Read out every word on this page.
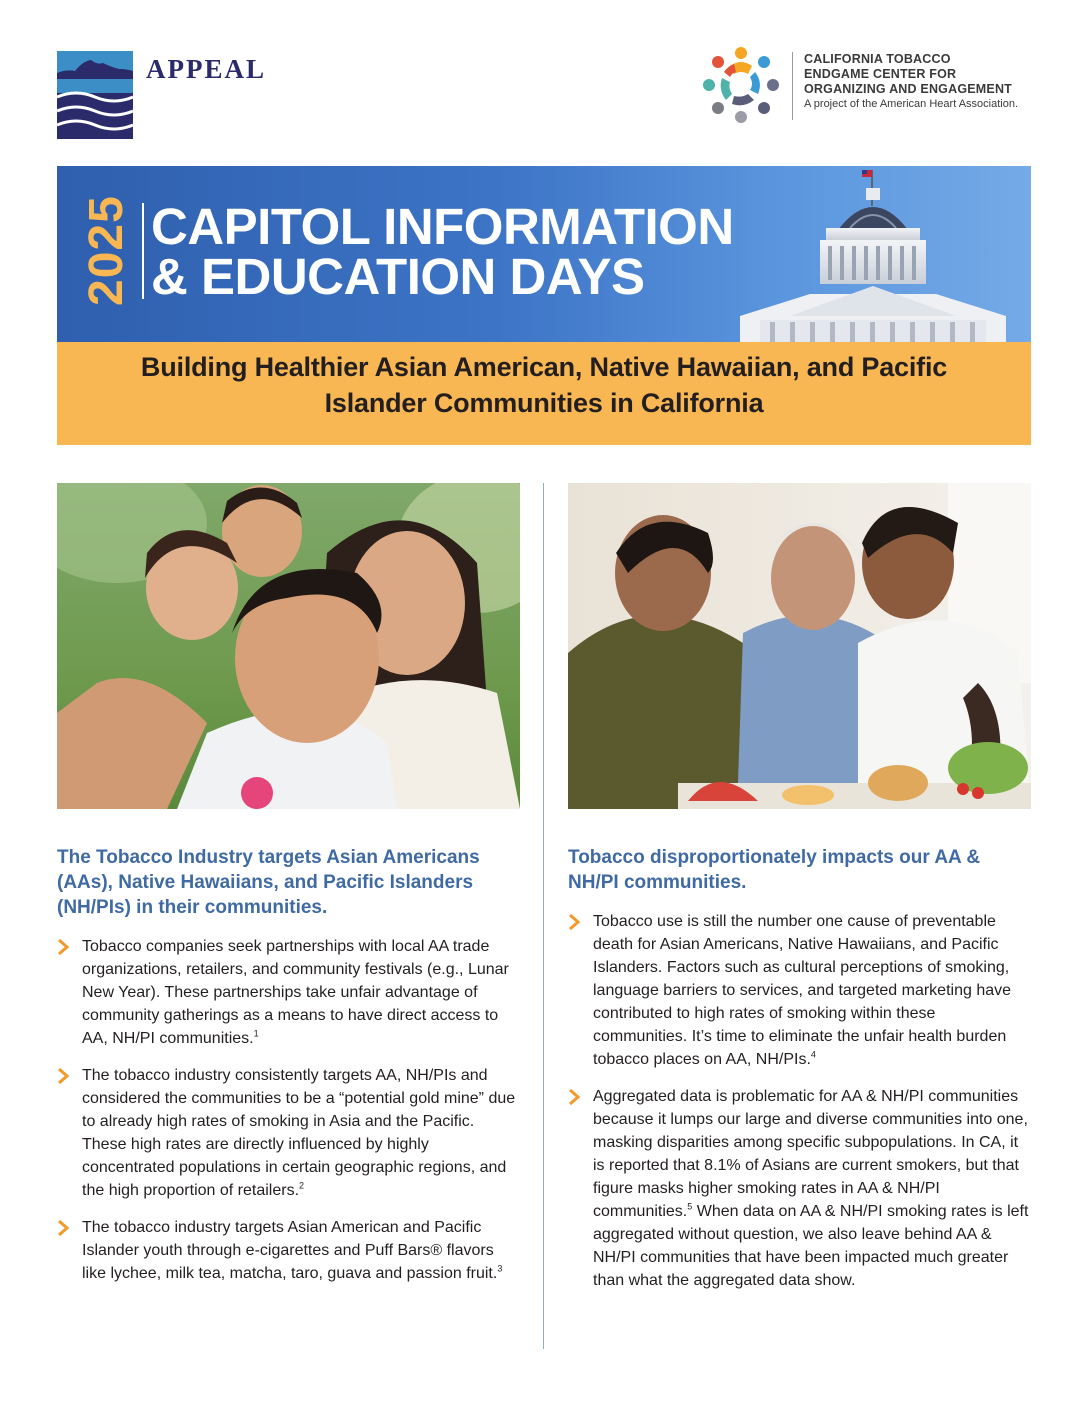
APPEAL	CALIFORNIA TOBACCO
ENDGAME CENTER FOR
ORGANIZING AND ENGAGEMENT
A project of the American Heart Association.
2025 CAPITOL INFORMATION
& EDUCATION DAYS
Building Healthier Asian American, Native Hawaiian, and Pacific
Islander Communities in California
The Tobacco Industry targets Asian Americans (AAs), Native Hawaiians, and Pacific Islanders (NH/PIs) in their communities.
Tobacco companies seek partnerships with local AA trade organizations, retailers, and community festivals (e.g., Lunar New Year). These partnerships take unfair advantage of community gatherings as a means to have direct access to AA, NH/PI communities.$^1$
The tobacco industry consistently targets AA, NH/PIs and considered the communities to be a “potential gold mine” due to already high rates of smoking in Asia and the Pacific. These high rates are directly influenced by highly concentrated populations in certain geographic regions, and the high proportion of retailers.$^2$
The tobacco industry targets Asian American and Pacific Islander youth through e-cigarettes and Puff Bars® flavors like lychee, milk tea, matcha, taro, guava and passion fruit.$^3$
Tobacco disproportionately impacts our AA & NH/PI communities.
Tobacco use is still the number one cause of preventable death for Asian Americans, Native Hawaiians, and Pacific Islanders. Factors such as cultural perceptions of smoking, language barriers to services, and targeted marketing have contributed to high rates of smoking within these communities. It’s time to eliminate the unfair health burden tobacco places on AA, NH/PIs.$^4$
Aggregated data is problematic for AA & NH/PI communities because it lumps our large and diverse communities into one, masking disparities among specific subpopulations. In CA, it is reported that 8.1% of Asians are current smokers, but that figure masks higher smoking rates in AA & NH/PI communities.$^5$ When data on AA & NH/PI smoking rates is left aggregated without question, we also leave behind AA & NH/PI communities that have been impacted much greater than what the aggregated data show.
